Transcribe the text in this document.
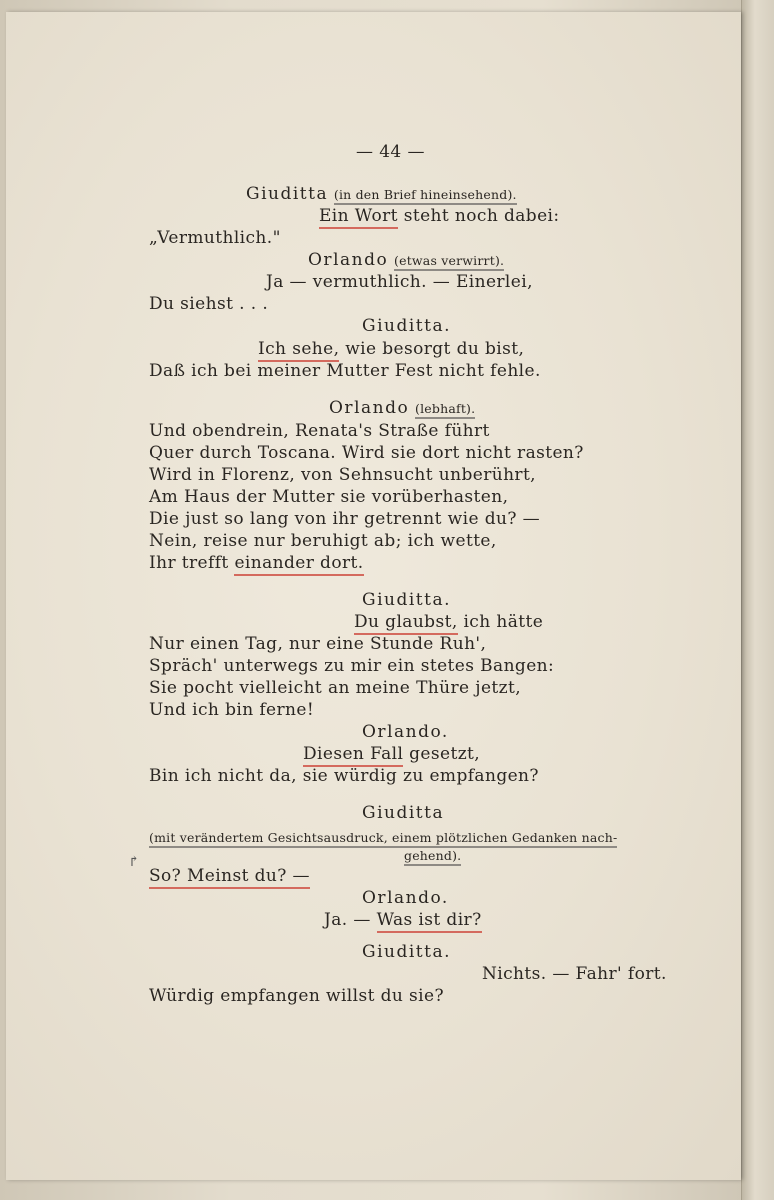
— 44 —
Giuditta (in den Brief hineinsehend).
Ein Wort steht noch dabei:
„Vermuthlich."
Orlando (etwas verwirrt).
Ja — vermuthlich. — Einerlei,
Du siehst . . .
Giuditta.
Ich sehe, wie besorgt du bist,
Daß ich bei meiner Mutter Fest nicht fehle.
Orlando (lebhaft).
Und obendrein, Renata's Straße führt
Quer durch Toscana. Wird sie dort nicht rasten?
Wird in Florenz, von Sehnsucht unberührt,
Am Haus der Mutter sie vorüberhasten,
Die just so lang von ihr getrennt wie du? —
Nein, reise nur beruhigt ab; ich wette,
Ihr trefft einander dort.
Giuditta.
Du glaubst, ich hätte
Nur einen Tag, nur eine Stunde Ruh',
Spräch' unterwegs zu mir ein stetes Bangen:
Sie pocht vielleicht an meine Thüre jetzt,
Und ich bin ferne!
Orlando.
Diesen Fall gesetzt,
Bin ich nicht da, sie würdig zu empfangen?
Giuditta
(mit verändertem Gesichtsausdruck, einem plötzlichen Gedanken nach-
gehend).
↱
So? Meinst du? —
Orlando.
Ja. — Was ist dir?
Giuditta.
Nichts. — Fahr' fort.
Würdig empfangen willst du sie?
